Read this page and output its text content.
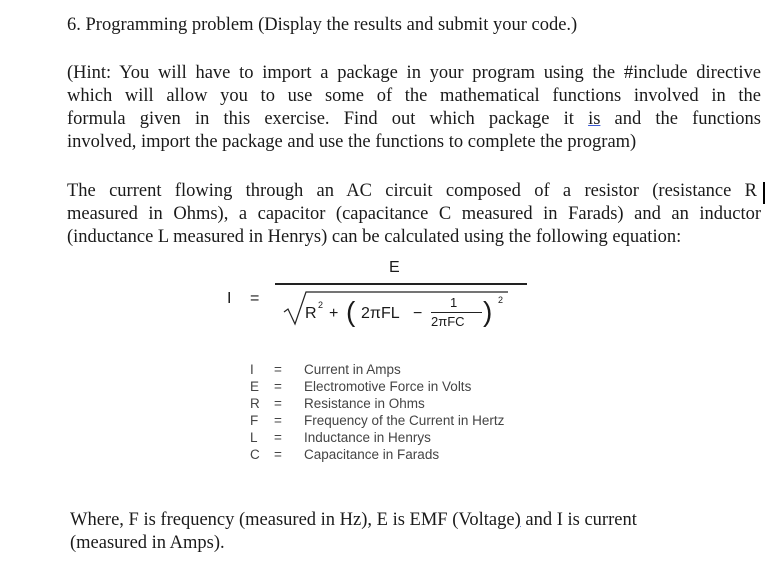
6. Programming problem (Display the results and submit your code.)
(Hint: You will have to import a package in your program using the #include directive
which will allow you to use some of the mathematical functions involved in the
formula given in this exercise. Find out which package it is and the functions
involved, import the package and use the functions to complete the program)
The current flowing through an AC circuit composed of a resistor (resistance R
measured in Ohms), a capacitor (capacitance C measured in Farads) and an inductor
(inductance L measured in Henrys) can be calculated using the following equation:
I =
E
R 2 + ( 2πFL −
1
2πFC ) 2
I	= Current in Amps
E	= Electromotive Force in Volts
R	= Resistance in Ohms
F	= Frequency of the Current in Hertz
L	= Inductance in Henrys
C	= Capacitance in Farads
Where, F is frequency (measured in Hz), E is EMF (Voltage) and I is current
(measured in Amps).
